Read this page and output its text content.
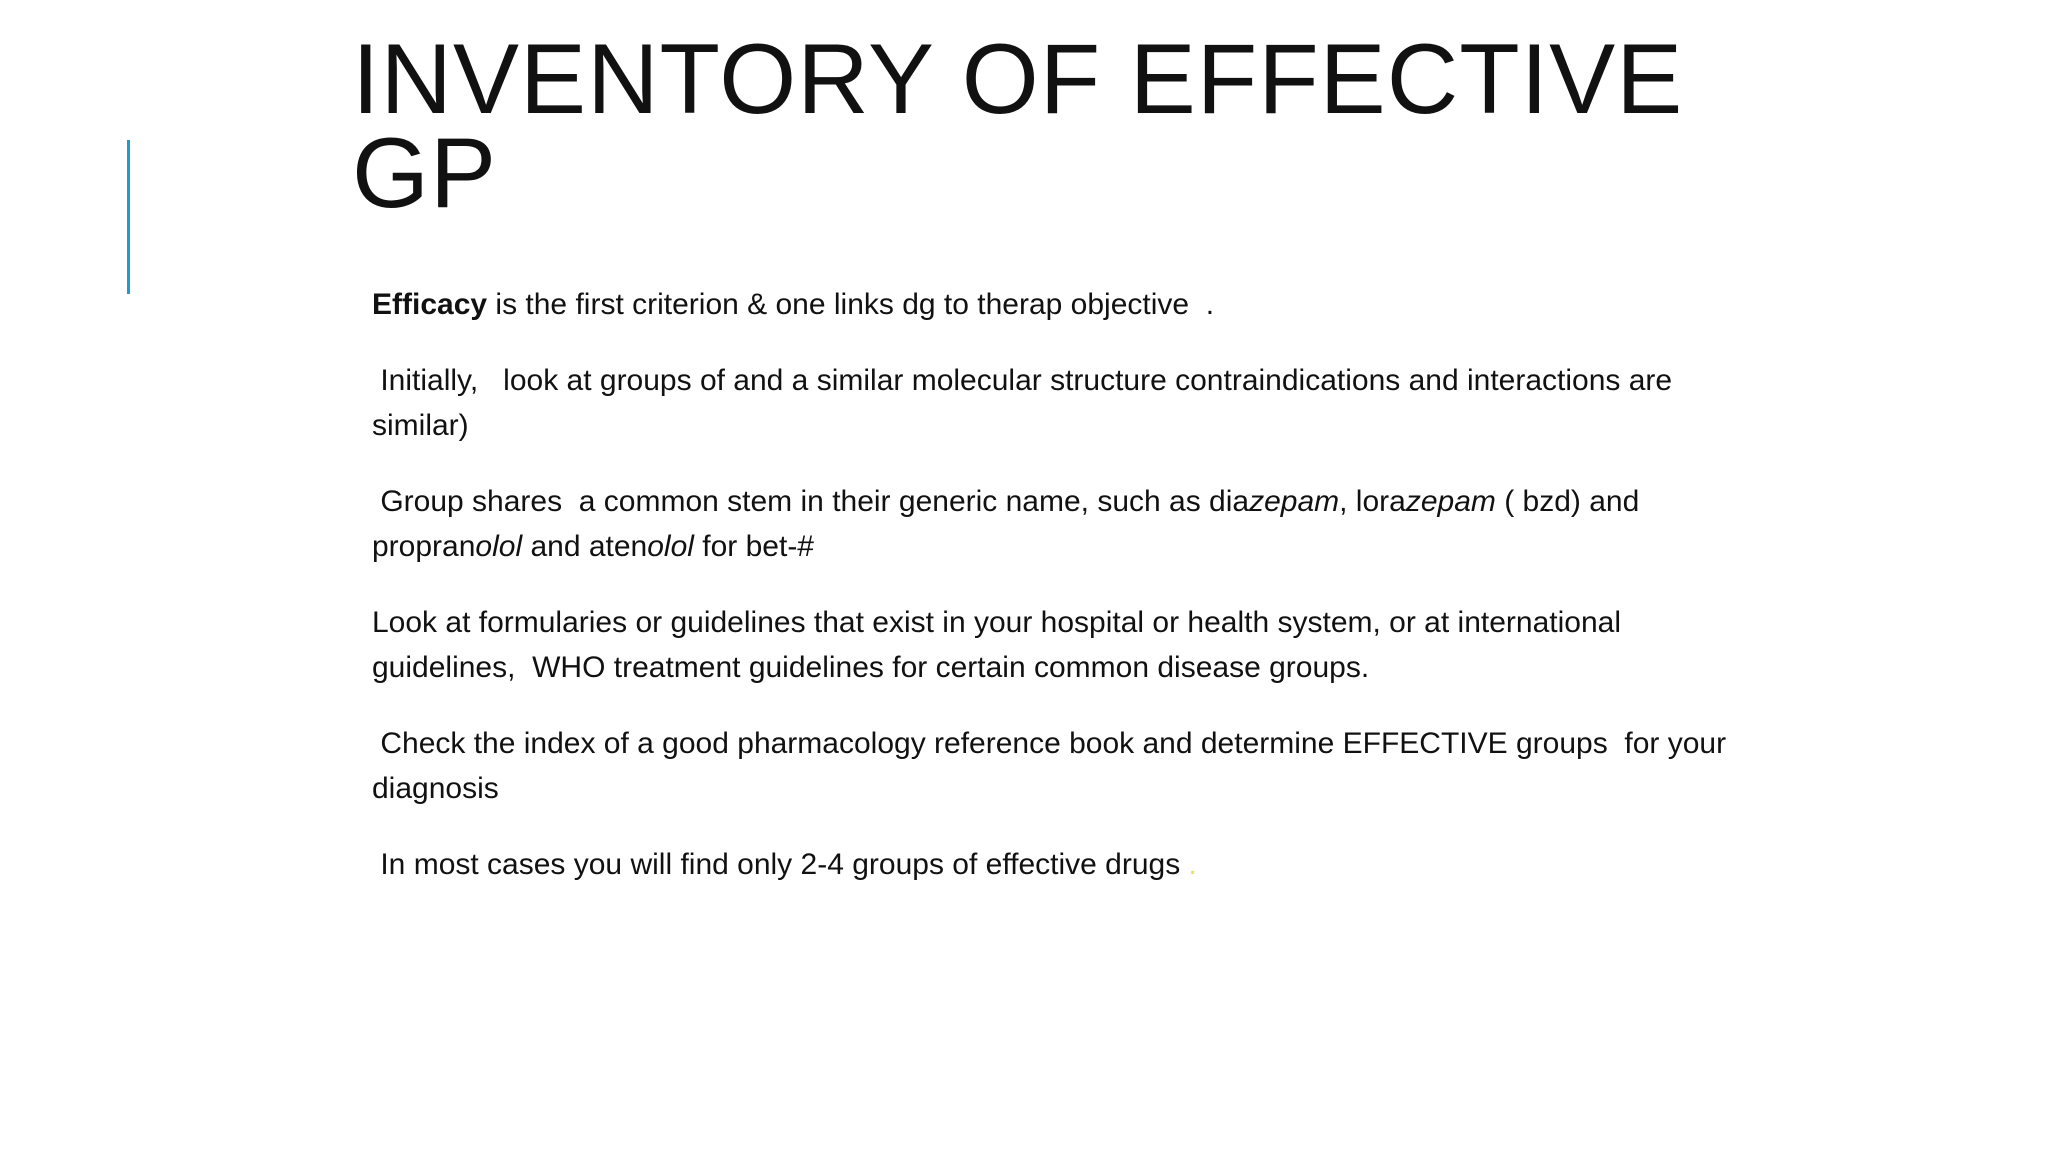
INVENTORY OF EFFECTIVE
GP

Efficacy is the first criterion & one links dg to therap objective  .

Initially,   look at groups of and a similar molecular structure contraindications and interactions are  similar)

Group shares  a common stem in their generic name, such as diazepam, lorazepam ( bzd) and propranolol and atenolol for bet-#

Look at formularies or guidelines that exist in your hospital or health system, or at international guidelines,  WHO treatment guidelines for certain common disease groups.

Check the index of a good pharmacology reference book and determine EFFECTIVE groups  for your diagnosis

In most cases you will find only 2-4 groups of effective drugs .
